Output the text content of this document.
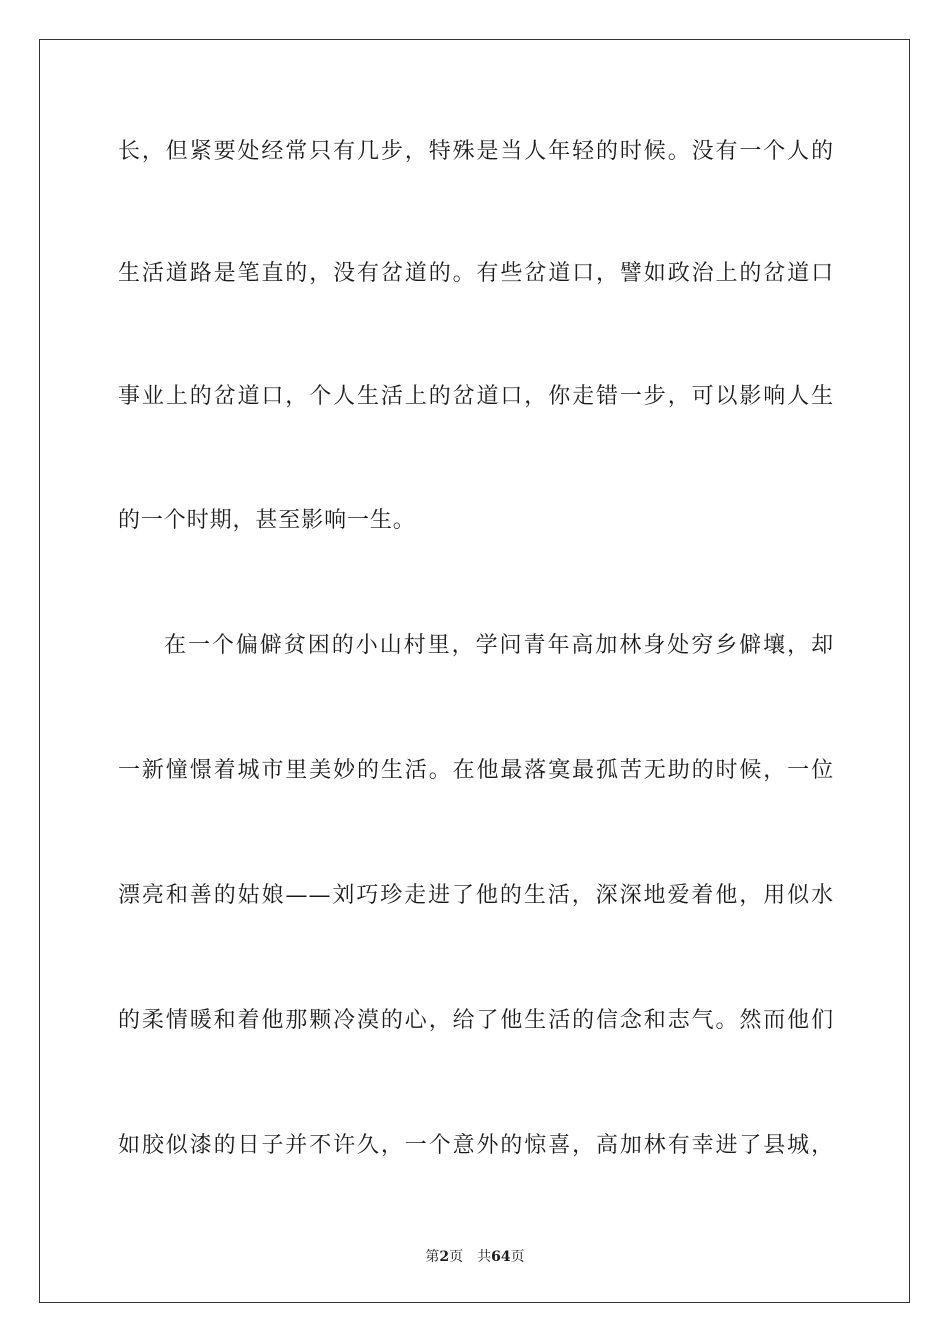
长，但紧要处经常只有几步，特殊是当人年轻的时候。没有一个人的
生活道路是笔直的，没有岔道的。有些岔道口，譬如政治上的岔道口
事业上的岔道口，个人生活上的岔道口，你走错一步，可以影响人生
的一个时期，甚至影响一生。
在一个偏僻贫困的小山村里，学问青年高加林身处穷乡僻壤，却
一新憧憬着城市里美妙的生活。在他最落寞最孤苦无助的时候，一位
漂亮和善的姑娘——刘巧珍走进了他的生活，深深地爱着他，用似水
的柔情暖和着他那颗冷漠的心，给了他生活的信念和志气。然而他们
如胶似漆的日子并不许久，一个意外的惊喜，高加林有幸进了县城，
第2页 共64页
